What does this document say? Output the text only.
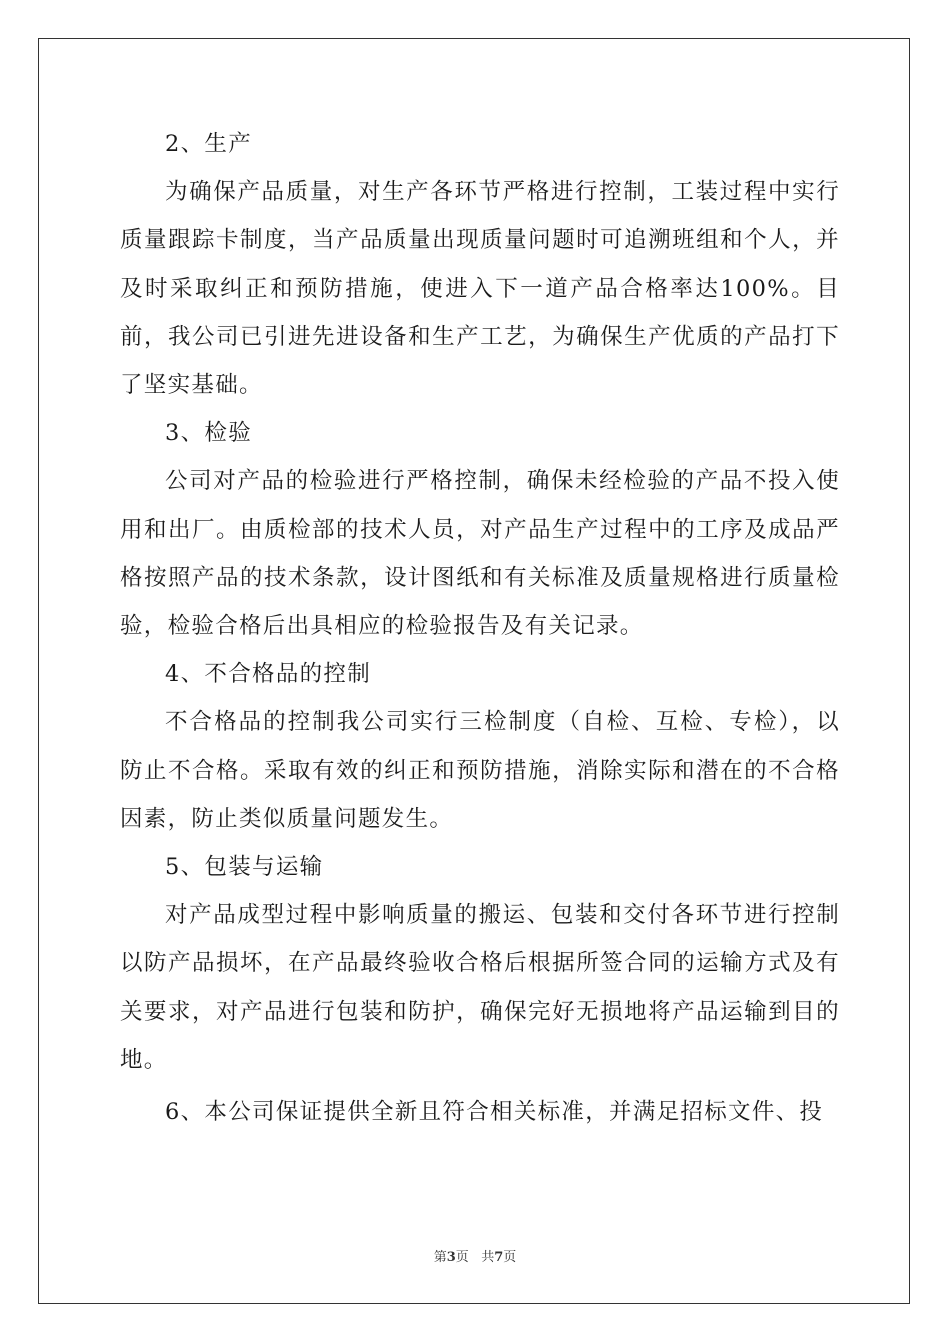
2、生产

为确保产品质量，对生产各环节严格进行控制，工装过程中实行质量跟踪卡制度，当产品质量出现质量问题时可追溯班组和个人，并及时采取纠正和预防措施，使进入下一道产品合格率达100%。目前，我公司已引进先进设备和生产工艺，为确保生产优质的产品打下了坚实基础。

3、检验

公司对产品的检验进行严格控制，确保未经检验的产品不投入使用和出厂。由质检部的技术人员，对产品生产过程中的工序及成品严格按照产品的技术条款，设计图纸和有关标准及质量规格进行质量检验，检验合格后出具相应的检验报告及有关记录。

4、不合格品的控制

不合格品的控制我公司实行三检制度（自检、互检、专检），以防止不合格。采取有效的纠正和预防措施，消除实际和潜在的不合格因素，防止类似质量问题发生。

5、包装与运输

对产品成型过程中影响质量的搬运、包装和交付各环节进行控制以防产品损坏，在产品最终验收合格后根据所签合同的运输方式及有关要求，对产品进行包装和防护，确保完好无损地将产品运输到目的地。

6、本公司保证提供全新且符合相关标准，并满足招标文件、投

第3页 共7页
